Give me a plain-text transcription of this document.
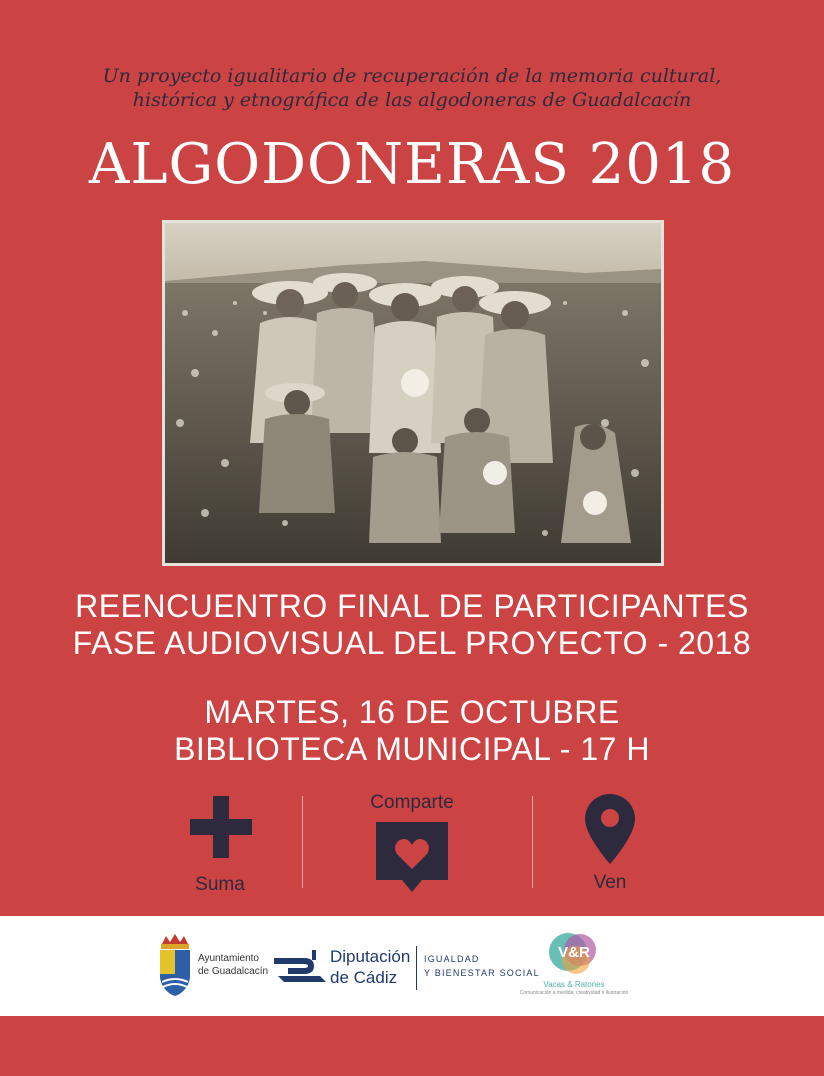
Un proyecto igualitario de recuperación de la memoria cultural,
histórica y etnográfica de las algodoneras de Guadalcacín
ALGODONERAS 2018
REENCUENTRO FINAL DE PARTICIPANTES
FASE AUDIOVISUAL DEL PROYECTO - 2018
MARTES, 16 DE OCTUBRE
BIBLIOTECA MUNICIPAL - 17 H
Suma
Comparte
Ven
Ayuntamiento
de Guadalcacín
Diputación
de Cádiz
IGUALDAD
Y BIENESTAR SOCIAL
V&R
Vacas & Ratones
Comunicación a medida, creatividad e ilustración
